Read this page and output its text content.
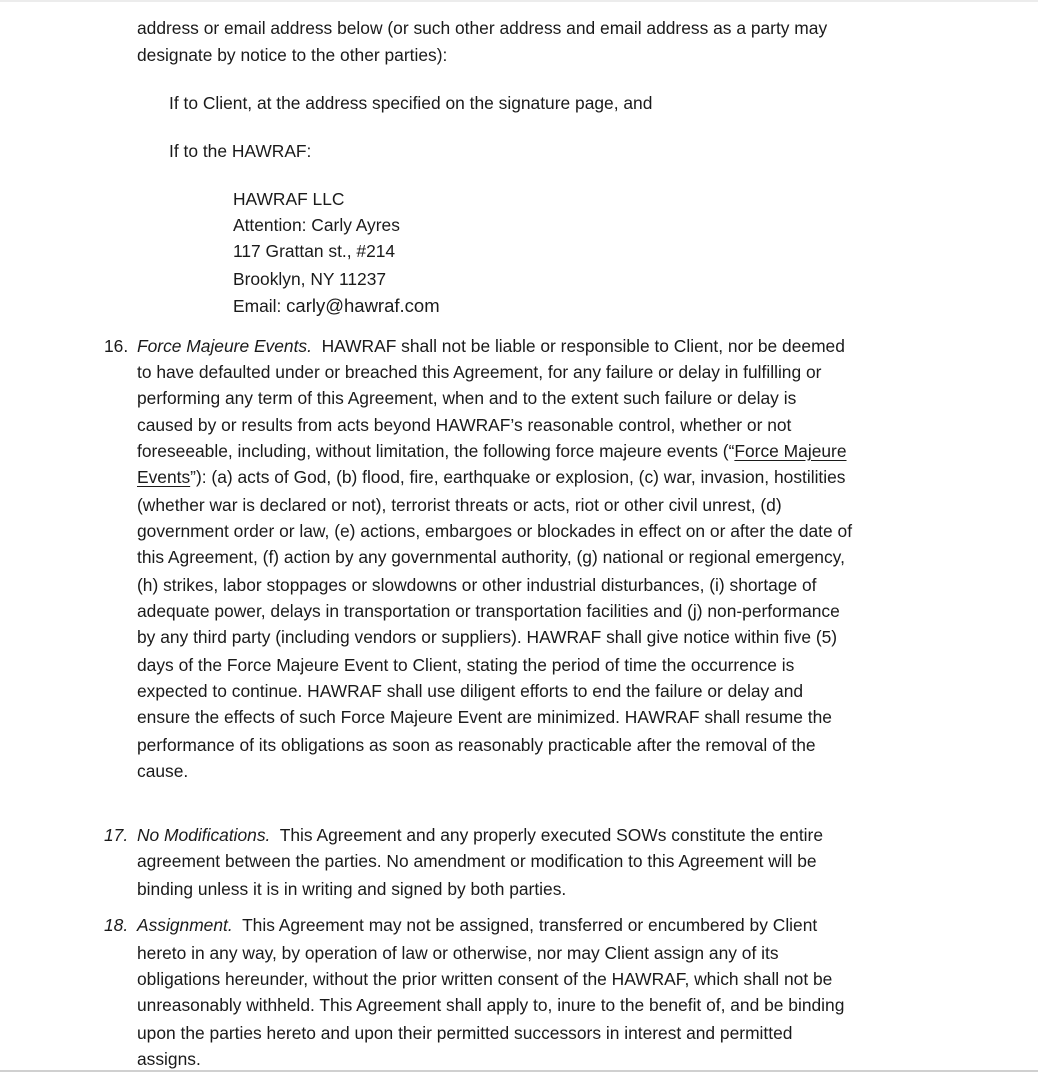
address or email address below (or such other address and email address as a party may
designate by notice to the other parties):
If to Client, at the address specified on the signature page, and
If to the HAWRAF:
HAWRAF LLC
Attention: Carly Ayres
117 Grattan st., #214
Brooklyn, NY 11237
Email: carly@hawraf.com
16. Force Majeure Events. HAWRAF shall not be liable or responsible to Client, nor be deemed
to have defaulted under or breached this Agreement, for any failure or delay in fulfilling or
performing any term of this Agreement, when and to the extent such failure or delay is
caused by or results from acts beyond HAWRAF’s reasonable control, whether or not
foreseeable, including, without limitation, the following force majeure events (“Force Majeure
Events”): (a) acts of God, (b) flood, fire, earthquake or explosion, (c) war, invasion, hostilities
(whether war is declared or not), terrorist threats or acts, riot or other civil unrest, (d)
government order or law, (e) actions, embargoes or blockades in effect on or after the date of
this Agreement, (f) action by any governmental authority, (g) national or regional emergency,
(h) strikes, labor stoppages or slowdowns or other industrial disturbances, (i) shortage of
adequate power, delays in transportation or transportation facilities and (j) non-performance
by any third party (including vendors or suppliers). HAWRAF shall give notice within five (5)
days of the Force Majeure Event to Client, stating the period of time the occurrence is
expected to continue. HAWRAF shall use diligent efforts to end the failure or delay and
ensure the effects of such Force Majeure Event are minimized. HAWRAF shall resume the
performance of its obligations as soon as reasonably practicable after the removal of the
cause.
17. No Modifications. This Agreement and any properly executed SOWs constitute the entire
agreement between the parties. No amendment or modification to this Agreement will be
binding unless it is in writing and signed by both parties.
18. Assignment. This Agreement may not be assigned, transferred or encumbered by Client
hereto in any way, by operation of law or otherwise, nor may Client assign any of its
obligations hereunder, without the prior written consent of the HAWRAF, which shall not be
unreasonably withheld. This Agreement shall apply to, inure to the benefit of, and be binding
upon the parties hereto and upon their permitted successors in interest and permitted
assigns.
